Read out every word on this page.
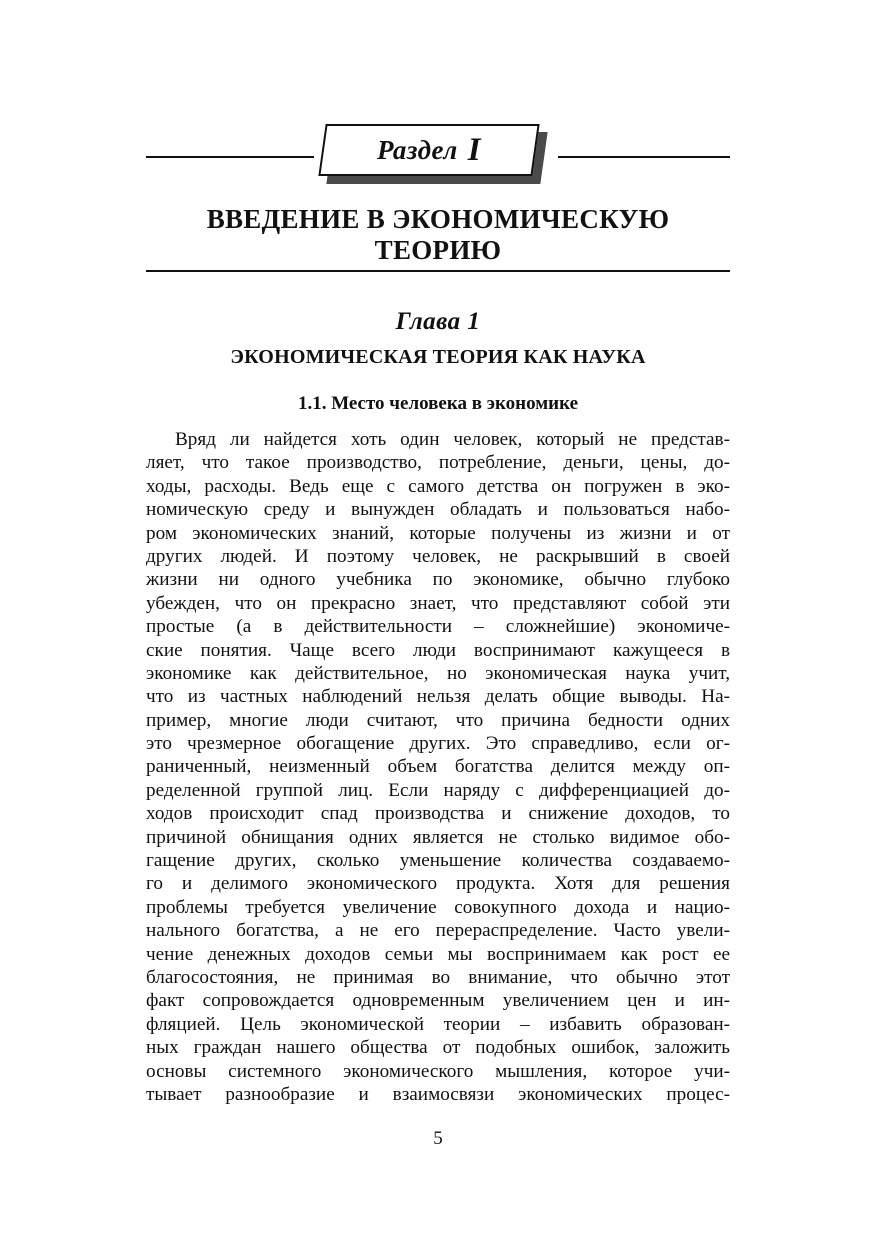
Раздел I
ВВЕДЕНИЕ В ЭКОНОМИЧЕСКУЮ
ТЕОРИЮ
Глава 1
ЭКОНОМИЧЕСКАЯ ТЕОРИЯ КАК НАУКА
1.1. Место человека в экономике
Вряд ли найдется хоть один человек, который не представ-
ляет, что такое производство, потребление, деньги, цены, до-
ходы, расходы. Ведь еще с самого детства он погружен в эко-
номическую среду и вынужден обладать и пользоваться набо-
ром экономических знаний, которые получены из жизни и от
других людей. И поэтому человек, не раскрывший в своей
жизни ни одного учебника по экономике, обычно глубоко
убежден, что он прекрасно знает, что представляют собой эти
простые (а в действительности – сложнейшие) экономиче-
ские понятия. Чаще всего люди воспринимают кажущееся в
экономике как действительное, но экономическая наука учит,
что из частных наблюдений нельзя делать общие выводы. На-
пример, многие люди считают, что причина бедности одних
это чрезмерное обогащение других. Это справедливо, если ог-
раниченный, неизменный объем богатства делится между оп-
ределенной группой лиц. Если наряду с дифференциацией до-
ходов происходит спад производства и снижение доходов, то
причиной обнищания одних является не столько видимое обо-
гащение других, сколько уменьшение количества создаваемо-
го и делимого экономического продукта. Хотя для решения
проблемы требуется увеличение совокупного дохода и нацио-
нального богатства, а не его перераспределение. Часто увели-
чение денежных доходов семьи мы воспринимаем как рост ее
благосостояния, не принимая во внимание, что обычно этот
факт сопровождается одновременным увеличением цен и ин-
фляцией. Цель экономической теории – избавить образован-
ных граждан нашего общества от подобных ошибок, заложить
основы системного экономического мышления, которое учи-
тывает разнообразие и взаимосвязи экономических процес-
5
